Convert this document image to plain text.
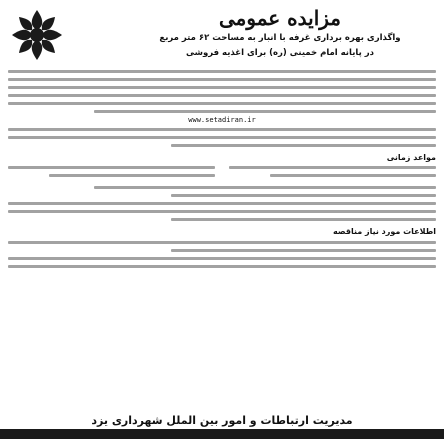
مزایده عمومی

واگذاری بهره برداری غرفه با انبار به مساحت ۶۲ متر مربع

در پایانه امام خمینی (ره) برای اغذیه فروشی

www.setadiran.ir
مواعد زمانی
اطلاعات مورد نیاز مناقصه
مدیریت ارتباطات و امور بین الملل شهرداری یزد
